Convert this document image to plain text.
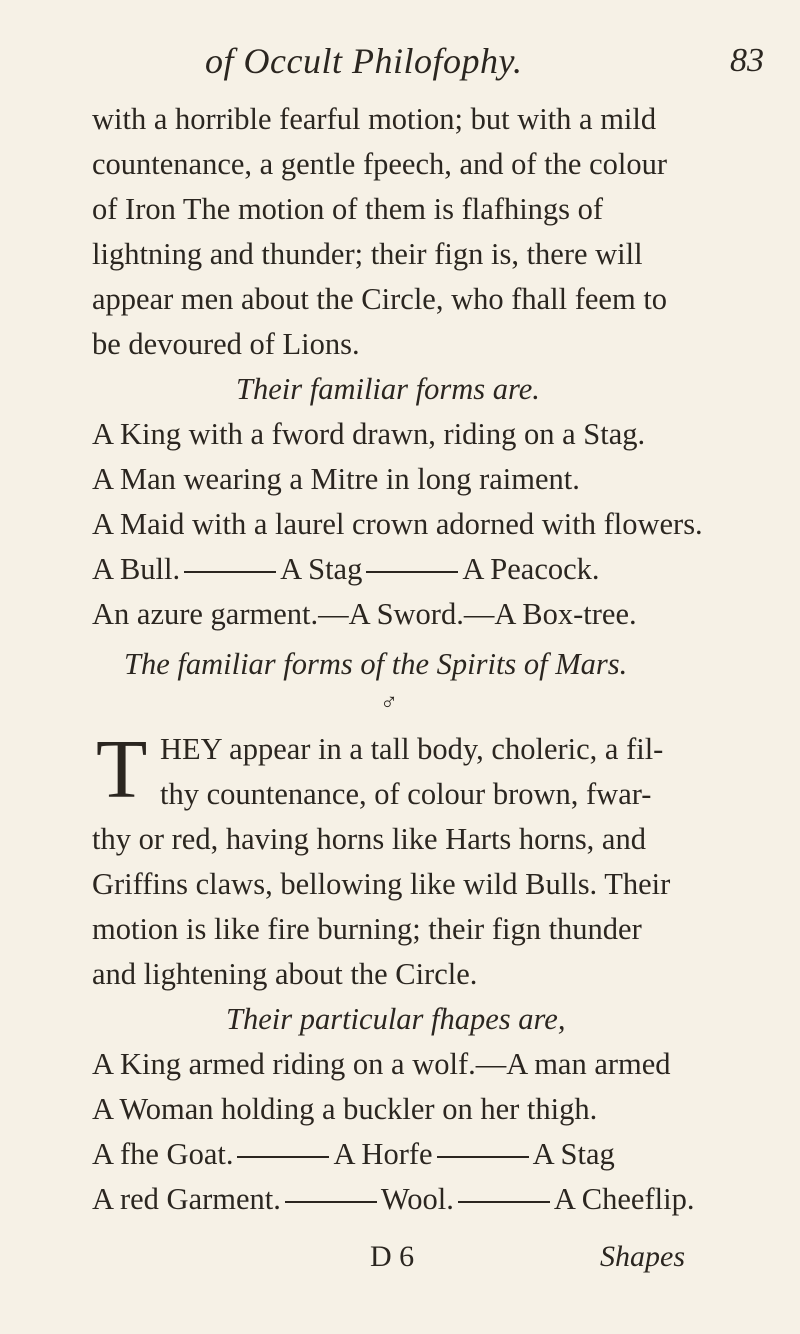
of Occult Philofophy.	83
with a horrible fearful motion; but with a mild
countenance, a gentle fpeech, and of the colour
of Iron The motion of them is flafhings of
lightning and thunder; their fign is, there will
appear men about the Circle, who fhall feem to
be devoured of Lions.
Their familiar forms are.
A King with a fword drawn, riding on a Stag.
A Man wearing a Mitre in long raiment.
A Maid with a laurel crown adorned with flowers.
A Bull.	A Stag	A Peacock.
An azure garment.—A Sword.—A Box-tree.
The familiar forms of the Spirits of Mars.
♂
T HEY appear in a tall body, choleric, a fil-
thy countenance, of colour brown, fwar-
thy or red, having horns like Harts horns, and
Griffins claws, bellowing like wild Bulls. Their
motion is like fire burning; their fign thunder
and lightening about the Circle.
Their particular fhapes are,
A King armed riding on a wolf.—A man armed
A Woman holding a buckler on her thigh.
A fhe Goat.	A Horfe	A Stag
A red Garment.	Wool.	A Cheeflip.
D 6	Shapes
